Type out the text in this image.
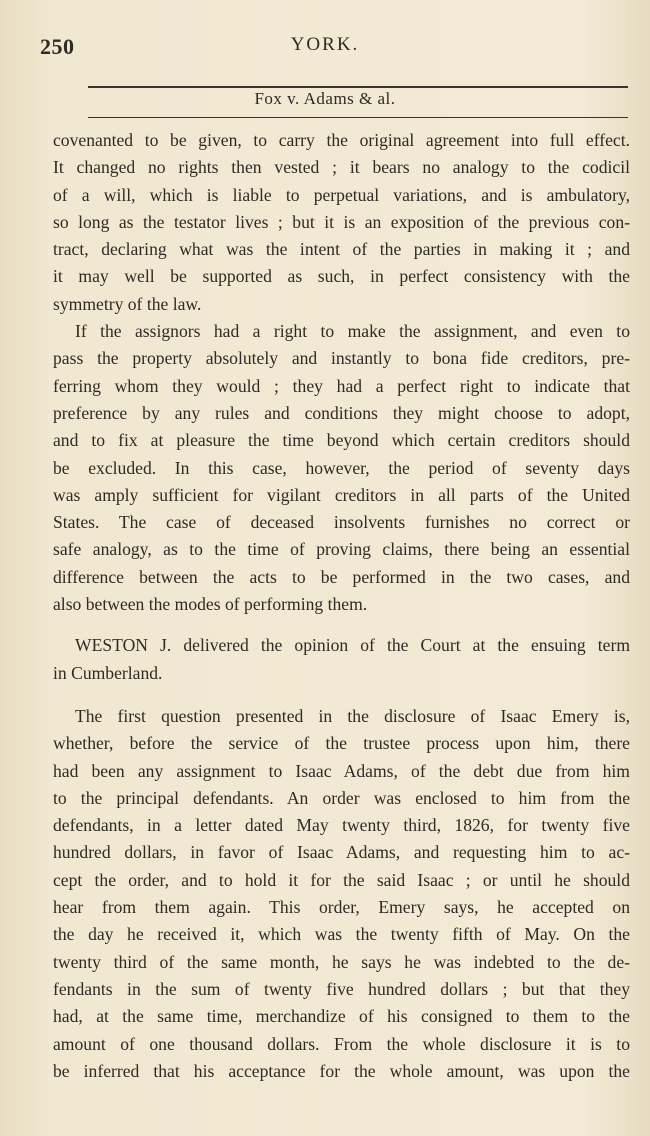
250	YORK.
Fox v. Adams & al.
covenanted to be given, to carry the original agreement into full effect.
It changed no rights then vested ; it bears no analogy to the codicil
of a will, which is liable to perpetual variations, and is ambulatory,
so long as the testator lives ; but it is an exposition of the previous con-
tract, declaring what was the intent of the parties in making it ; and
it may well be supported as such, in perfect consistency with the
symmetry of the law.
If the assignors had a right to make the assignment, and even to
pass the property absolutely and instantly to bona fide creditors, pre-
ferring whom they would ; they had a perfect right to indicate that
preference by any rules and conditions they might choose to adopt,
and to fix at pleasure the time beyond which certain creditors should
be excluded. In this case, however, the period of seventy days
was amply sufficient for vigilant creditors in all parts of the United
States. The case of deceased insolvents furnishes no correct or
safe analogy, as to the time of proving claims, there being an essential
difference between the acts to be performed in the two cases, and
also between the modes of performing them.
WESTON J. delivered the opinion of the Court at the ensuing term
in Cumberland.
The first question presented in the disclosure of Isaac Emery is,
whether, before the service of the trustee process upon him, there
had been any assignment to Isaac Adams, of the debt due from him
to the principal defendants. An order was enclosed to him from the
defendants, in a letter dated May twenty third, 1826, for twenty five
hundred dollars, in favor of Isaac Adams, and requesting him to ac-
cept the order, and to hold it for the said Isaac ; or until he should
hear from them again. This order, Emery says, he accepted on
the day he received it, which was the twenty fifth of May. On the
twenty third of the same month, he says he was indebted to the de-
fendants in the sum of twenty five hundred dollars ; but that they
had, at the same time, merchandize of his consigned to them to the
amount of one thousand dollars. From the whole disclosure it is to
be inferred that his acceptance for the whole amount, was upon the
